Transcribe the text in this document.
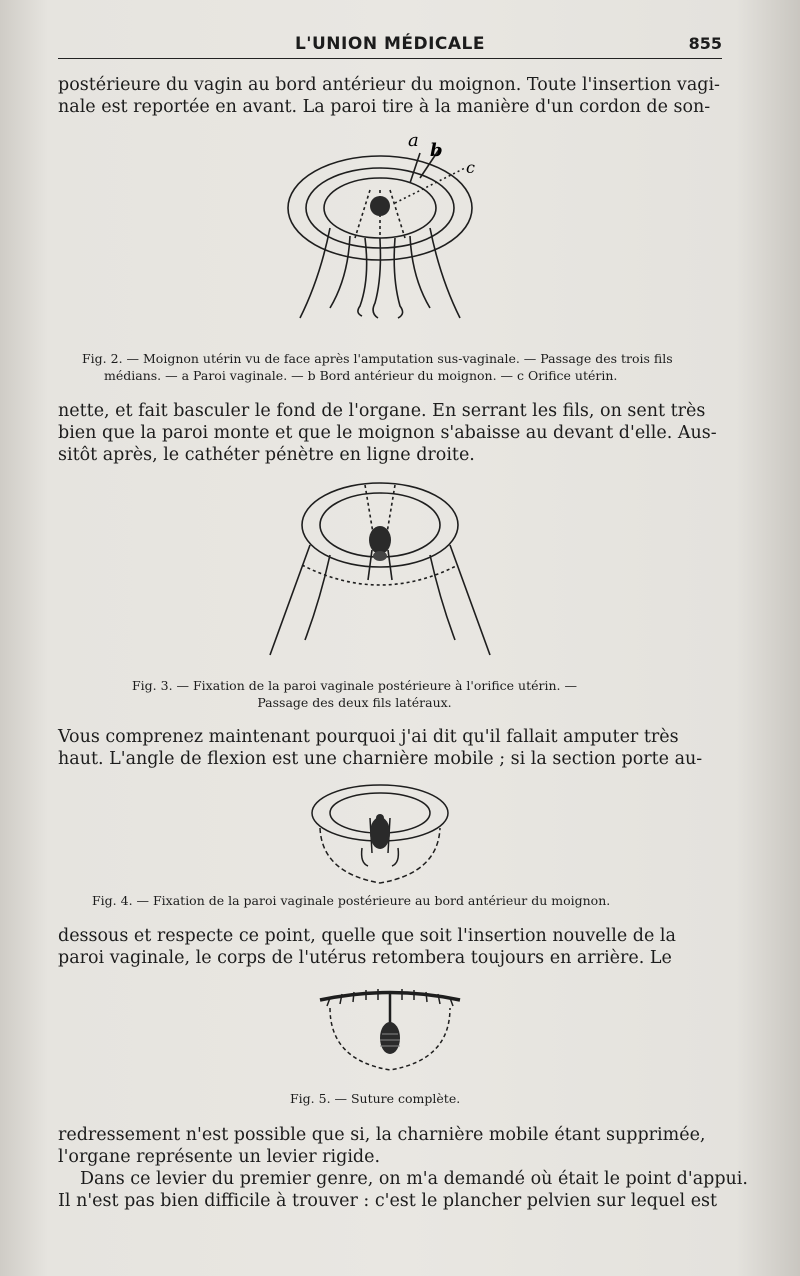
L'UNION MÉDICALE	855
postérieure du vagin au bord antérieur du moignon. Toute l'insertion vagi-
nale est reportée en avant. La paroi tire à la manière d'un cordon de son-
a b
c
Fig. 2. — Moignon utérin vu de face après l'amputation sus-vaginale. — Passage des trois fils
médians. — a Paroi vaginale. — b Bord antérieur du moignon. — c Orifice utérin.
nette, et fait basculer le fond de l'organe. En serrant les fils, on sent très
bien que la paroi monte et que le moignon s'abaisse au devant d'elle. Aus-
sitôt après, le cathéter pénètre en ligne droite.
Fig. 3. — Fixation de la paroi vaginale postérieure à l'orifice utérin. —
Passage des deux fils latéraux.
Vous comprenez maintenant pourquoi j'ai dit qu'il fallait amputer très
haut. L'angle de flexion est une charnière mobile ; si la section porte au-
Fig. 4. — Fixation de la paroi vaginale postérieure au bord antérieur du moignon.
dessous et respecte ce point, quelle que soit l'insertion nouvelle de la
paroi vaginale, le corps de l'utérus retombera toujours en arrière. Le
Fig. 5. — Suture complète.
redressement n'est possible que si, la charnière mobile étant supprimée,
l'organe représente un levier rigide.
Dans ce levier du premier genre, on m'a demandé où était le point d'appui.
Il n'est pas bien difficile à trouver : c'est le plancher pelvien sur lequel est
